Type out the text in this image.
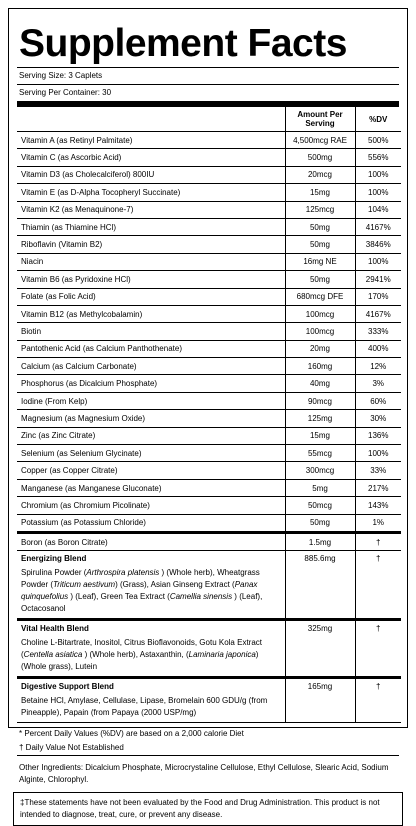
Supplement Facts
Serving Size: 3 Caplets
Serving Per Container: 30
	Amount Per Serving	%DV
Vitamin A (as Retinyl Palmitate)	4,500mcg RAE	500%
Vitamin C (as Ascorbic Acid)	500mg	556%
Vitamin D3 (as Cholecalciferol) 800IU	20mcg	100%
Vitamin E (as D-Alpha Tocopheryl Succinate)	15mg	100%
Vitamin K2 (as Menaquinone-7)	125mcg	104%
Thiamin (as Thiamine HCl)	50mg	4167%
Riboflavin (Vitamin B2)	50mg	3846%
Niacin	16mg NE	100%
Vitamin B6 (as Pyridoxine HCl)	50mg	2941%
Folate (as Folic Acid)	680mcg DFE	170%
Vitamin B12 (as Methylcobalamin)	100mcg	4167%
Biotin	100mcg	333%
Pantothenic Acid (as Calcium Panthothenate)	20mg	400%
Calcium (as Calcium Carbonate)	160mg	12%
Phosphorus (as Dicalcium Phosphate)	40mg	3%
Iodine (From Kelp)	90mcg	60%
Magnesium (as Magnesium Oxide)	125mg	30%
Zinc (as Zinc Citrate)	15mg	136%
Selenium (as Selenium Glycinate)	55mcg	100%
Copper (as Copper Citrate)	300mcg	33%
Manganese (as Manganese Gluconate)	5mg	217%
Chromium (as Chromium Picolinate)	50mcg	143%
Potassium (as Potassium Chloride)	50mg	1%
Boron (as Boron Citrate)	1.5mg	†
Energizing Blend	885.6mg	†
Spirulina Powder (Arthrospira platensis ) (Whole herb), Wheatgrass Powder (Triticum aestivum) (Grass), Asian Ginseng Extract (Panax quinquefolius ) (Leaf), Green Tea Extract (Camellia sinensis ) (Leaf), Octacosanol		
Vital Health Blend	325mg	†
Choline L-Bitartrate, Inositol, Citrus Bioflavonoids, Gotu Kola Extract (Centella asiatica ) (Whole herb), Astaxanthin, (Laminaria japonica) (Whole grass), Lutein		
Digestive Support Blend	165mg	†
Betaine HCl, Amylase, Cellulase, Lipase, Bromelain 600 GDU/g (from Pineapple), Papain (from Papaya (2000 USP/mg)		
* Percent Daily Values (%DV) are based on a 2,000 calorie Diet
† Daily Value Not Established
Other Ingredients: Dicalcium Phosphate, Microcrystaline Cellulose, Ethyl Cellulose, Slearic Acid, Sodium Alginte, Chlorophyl.
‡These statements have not been evaluated by the Food and Drug Administration. This product is not intended to diagnose, treat, cure, or prevent any disease.
